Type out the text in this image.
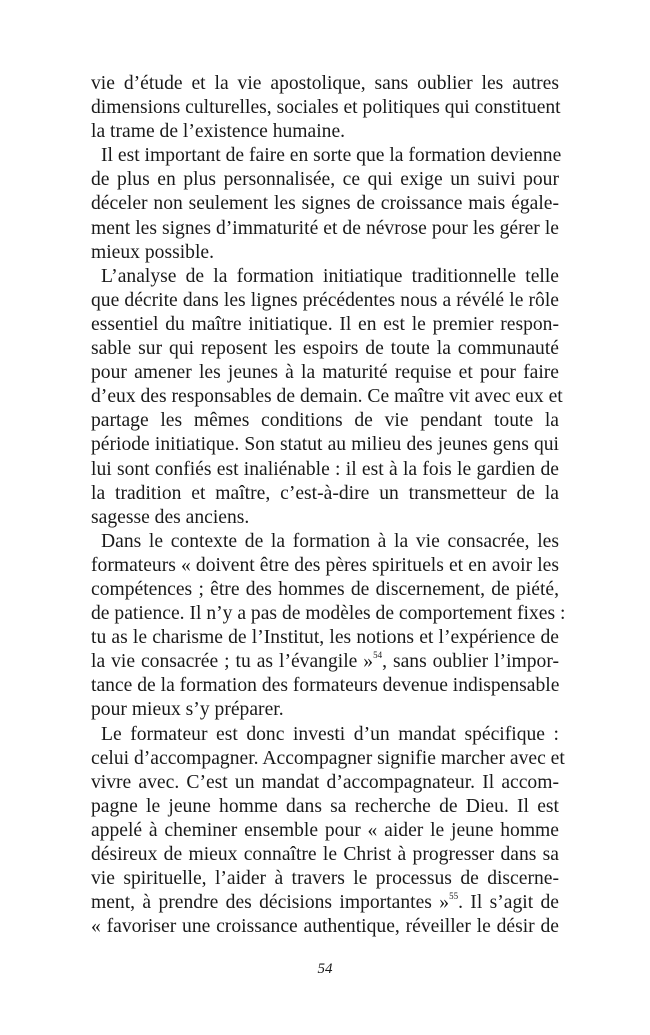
vie d’étude et la vie apostolique, sans oublier les autres
dimensions culturelles, sociales et politiques qui constituent
la trame de l’existence humaine.
Il est important de faire en sorte que la formation devienne
de plus en plus personnalisée, ce qui exige un suivi pour
déceler non seulement les signes de croissance mais égale-
ment les signes d’immaturité et de névrose pour les gérer le
mieux possible.
L’analyse de la formation initiatique traditionnelle telle
que décrite dans les lignes précédentes nous a révélé le rôle
essentiel du maître initiatique. Il en est le premier respon-
sable sur qui reposent les espoirs de toute la communauté
pour amener les jeunes à la maturité requise et pour faire
d’eux des responsables de demain. Ce maître vit avec eux et
partage les mêmes conditions de vie pendant toute la
période initiatique. Son statut au milieu des jeunes gens qui
lui sont confiés est inaliénable : il est à la fois le gardien de
la tradition et maître, c’est-à-dire un transmetteur de la
sagesse des anciens.
Dans le contexte de la formation à la vie consacrée, les
formateurs « doivent être des pères spirituels et en avoir les
compétences ; être des hommes de discernement, de piété,
de patience. Il n’y a pas de modèles de comportement fixes :
tu as le charisme de l’Institut, les notions et l’expérience de
la vie consacrée ; tu as l’évangile »$^{54}$, sans oublier l’impor-
tance de la formation des formateurs devenue indispensable
pour mieux s’y préparer.
Le formateur est donc investi d’un mandat spécifique :
celui d’accompagner. Accompagner signifie marcher avec et
vivre avec. C’est un mandat d’accompagnateur. Il accom-
pagne le jeune homme dans sa recherche de Dieu. Il est
appelé à cheminer ensemble pour « aider le jeune homme
désireux de mieux connaître le Christ à progresser dans sa
vie spirituelle, l’aider à travers le processus de discerne-
ment, à prendre des décisions importantes »$^{55}$. Il s’agit de
« favoriser une croissance authentique, réveiller le désir de
54
